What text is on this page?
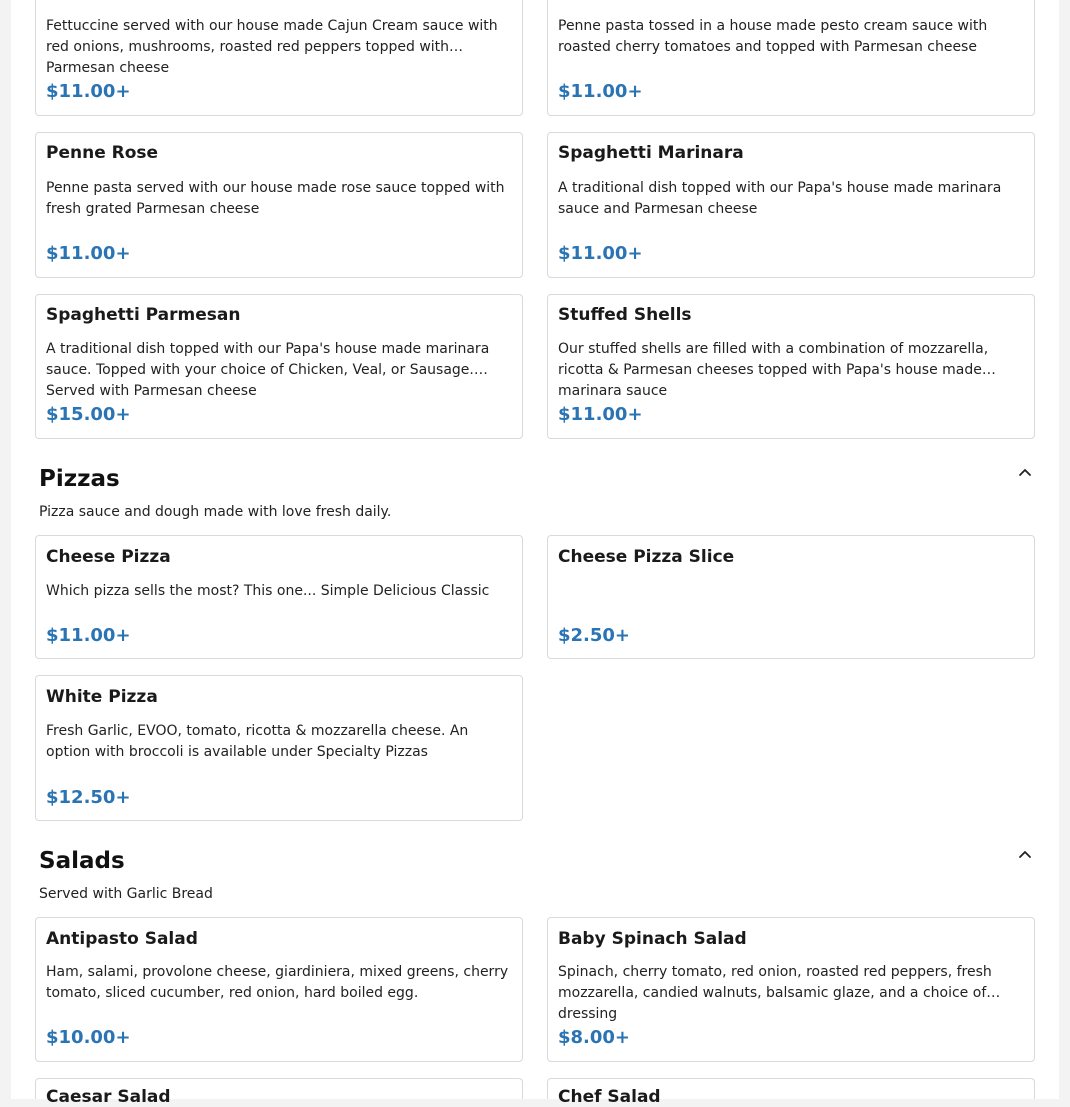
Fettuccine served with our house made Cajun Cream sauce with red onions, mushrooms, roasted red peppers topped with Parmesan cheese
$11.00+
Penne pasta tossed in a house made pesto cream sauce with roasted cherry tomatoes and topped with Parmesan cheese
$11.00+
Penne Rose
Penne pasta served with our house made rose sauce topped with fresh grated Parmesan cheese
$11.00+
Spaghetti Marinara
A traditional dish topped with our Papa's house made marinara sauce and Parmesan cheese
$11.00+
Spaghetti Parmesan
A traditional dish topped with our Papa's house made marinara sauce. Topped with your choice of Chicken, Veal, or Sausage. Served with Parmesan cheese
$15.00+
Stuffed Shells
Our stuffed shells are filled with a combination of mozzarella, ricotta & Parmesan cheeses topped with Papa's house made marinara sauce
$11.00+
Pizzas
Pizza sauce and dough made with love fresh daily.
Cheese Pizza
Which pizza sells the most? This one... Simple Delicious Classic
$11.00+
Cheese Pizza Slice
$2.50+
White Pizza
Fresh Garlic, EVOO, tomato, ricotta & mozzarella cheese. An option with broccoli is available under Specialty Pizzas
$12.50+
Salads
Served with Garlic Bread
Antipasto Salad
Ham, salami, provolone cheese, giardiniera, mixed greens, cherry tomato, sliced cucumber, red onion, hard boiled egg.
$10.00+
Baby Spinach Salad
Spinach, cherry tomato, red onion, roasted red peppers, fresh mozzarella, candied walnuts, balsamic glaze, and a choice of dressing
$8.00+
Caesar Salad	Chef Salad
